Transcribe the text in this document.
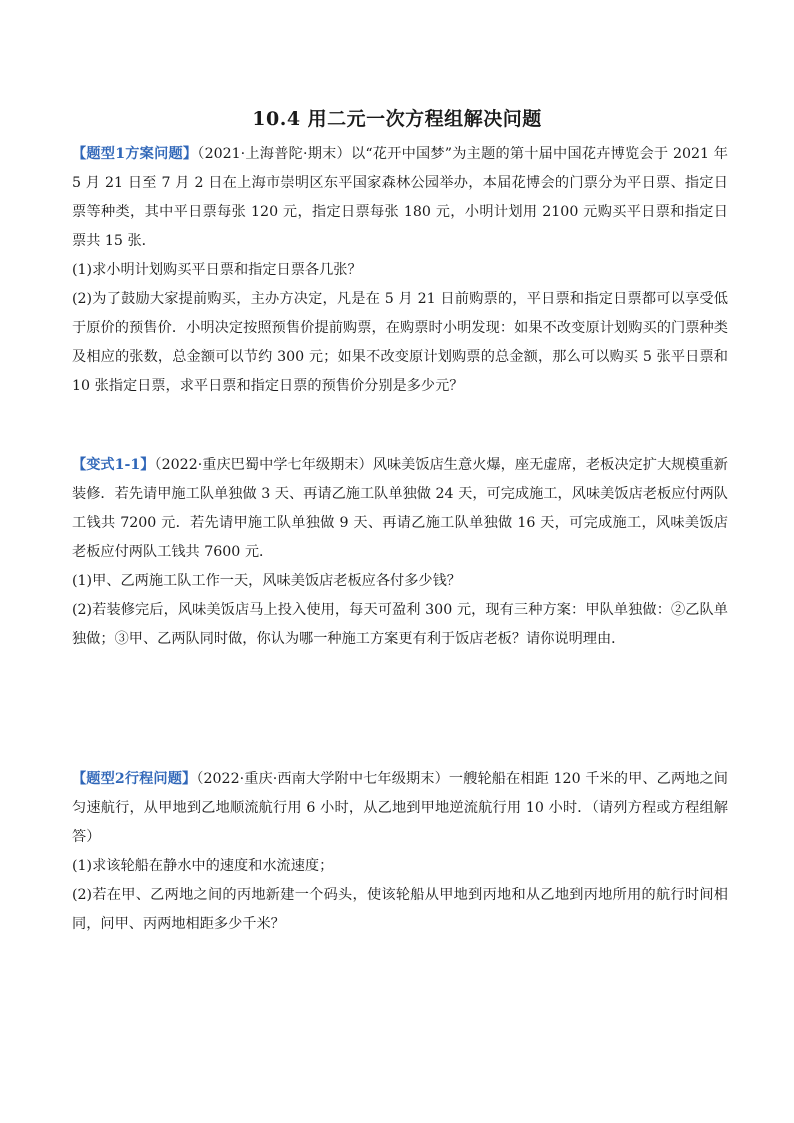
10.4 用二元一次方程组解决问题

【题型1方案问题】（2021·上海普陀·期末）以“花开中国梦”为主题的第十届中国花卉博览会于 2021 年 5 月 21 日至 7 月 2 日在上海市崇明区东平国家森林公园举办，本届花博会的门票分为平日票、指定日票等种类，其中平日票每张 120 元，指定日票每张 180 元，小明计划用 2100 元购买平日票和指定日票共 15 张．

(1)求小明计划购买平日票和指定日票各几张？

(2)为了鼓励大家提前购买，主办方决定，凡是在 5 月 21 日前购票的，平日票和指定日票都可以享受低于原价的预售价．小明决定按照预售价提前购票，在购票时小明发现：如果不改变原计划购买的门票种类及相应的张数，总金额可以节约 300 元；如果不改变原计划购票的总金额，那么可以购买 5 张平日票和 10 张指定日票，求平日票和指定日票的预售价分别是多少元？

【变式1-1】（2022·重庆巴蜀中学七年级期末）风味美饭店生意火爆，座无虚席，老板决定扩大规模重新装修．若先请甲施工队单独做 3 天、再请乙施工队单独做 24 天，可完成施工，风味美饭店老板应付两队工钱共 7200 元．若先请甲施工队单独做 9 天、再请乙施工队单独做 16 天，可完成施工，风味美饭店老板应付两队工钱共 7600 元．

(1)甲、乙两施工队工作一天，风味美饭店老板应各付多少钱？

(2)若装修完后，风味美饭店马上投入使用，每天可盈利 300 元，现有三种方案：甲队单独做：②乙队单独做；③甲、乙两队同时做，你认为哪一种施工方案更有利于饭店老板？请你说明理由．

【题型2行程问题】（2022·重庆·西南大学附中七年级期末）一艘轮船在相距 120 千米的甲、乙两地之间匀速航行，从甲地到乙地顺流航行用 6 小时，从乙地到甲地逆流航行用 10 小时．（请列方程或方程组解答）

(1)求该轮船在静水中的速度和水流速度；

(2)若在甲、乙两地之间的丙地新建一个码头，使该轮船从甲地到丙地和从乙地到丙地所用的航行时间相同，问甲、丙两地相距多少千米？
